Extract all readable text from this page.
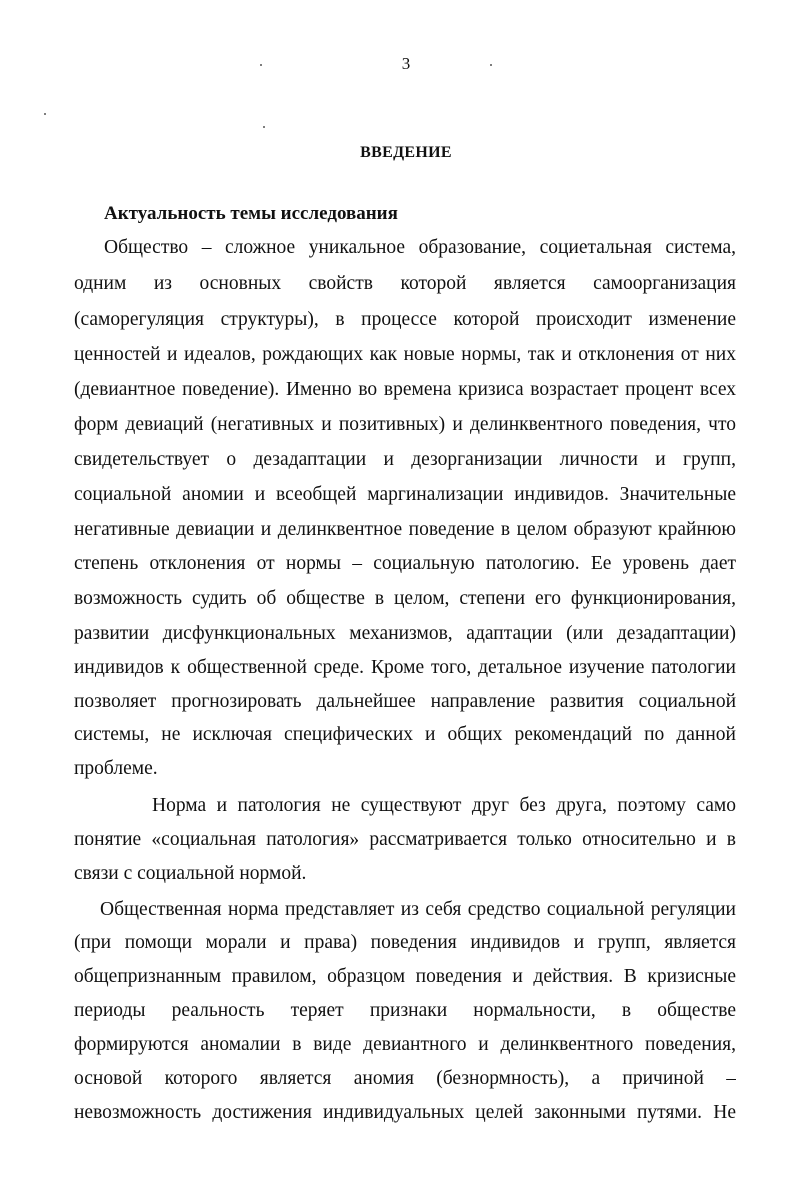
3
ВВЕДЕНИЕ
Актуальность темы исследования
Общество – сложное уникальное образование, социетальная система,
одним из основных свойств которой является самоорганизация
(саморегуляция структуры), в процессе которой происходит изменение
ценностей и идеалов, рождающих как новые нормы, так и отклонения от них
(девиантное поведение). Именно во времена кризиса возрастает процент всех
форм девиаций (негативных и позитивных) и делинквентного поведения, что
свидетельствует о дезадаптации и дезорганизации личности и групп,
социальной аномии и всеобщей маргинализации индивидов. Значительные
негативные девиации и делинквентное поведение в целом образуют крайнюю
степень отклонения от нормы – социальную патологию. Ее уровень дает
возможность судить об обществе в целом, степени его функционирования,
развитии дисфункциональных механизмов, адаптации (или дезадаптации)
индивидов к общественной среде. Кроме того, детальное изучение патологии
позволяет прогнозировать дальнейшее направление развития социальной
системы, не исключая специфических и общих рекомендаций по данной
проблеме.
Норма и патология не существуют друг без друга, поэтому само
понятие «социальная патология» рассматривается только относительно и в
связи с социальной нормой.
Общественная норма представляет из себя средство социальной регуляции
(при помощи морали и права) поведения индивидов и групп, является
общепризнанным правилом, образцом поведения и действия. В кризисные
периоды реальность теряет признаки нормальности, в обществе
формируются аномалии в виде девиантного и делинквентного поведения,
основой которого является аномия (безнормность), а причиной –
невозможность достижения индивидуальных целей законными путями. Не
